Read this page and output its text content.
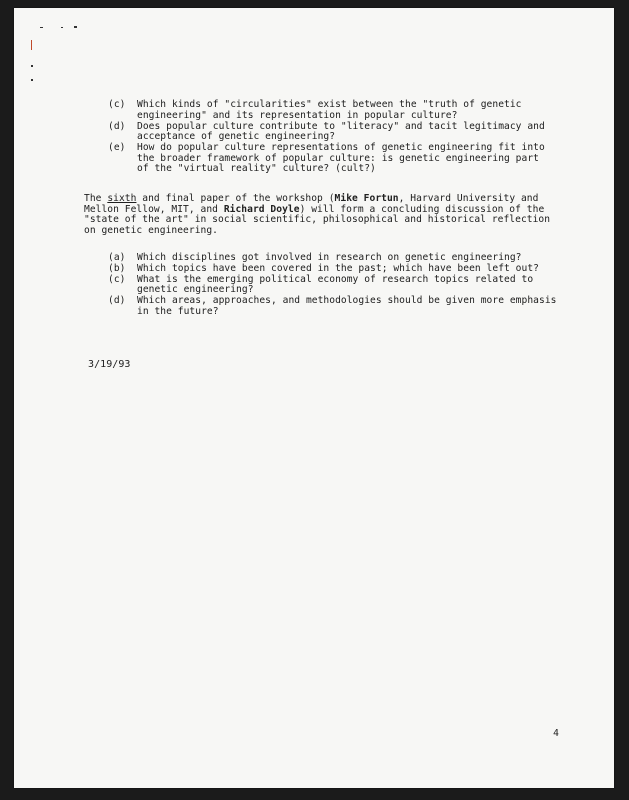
(c) Which kinds of "circularities" exist between the "truth of genetic
engineering" and its representation in popular culture?
(d) Does popular culture contribute to "literacy" and tacit legitimacy and
acceptance of genetic engineering?
(e) How do popular culture representations of genetic engineering fit into
the broader framework of popular culture: is genetic engineering part
of the "virtual reality" culture? (cult?)
The sixth and final paper of the workshop (Mike Fortun, Harvard University and
Mellon Fellow, MIT, and Richard Doyle) will form a concluding discussion of the
"state of the art" in social scientific, philosophical and historical reflection
on genetic engineering.
(a) Which disciplines got involved in research on genetic engineering?
(b) Which topics have been covered in the past; which have been left out?
(c) What is the emerging political economy of research topics related to
genetic engineering?
(d) Which areas, approaches, and methodologies should be given more emphasis
in the future?
3/19/93
4
